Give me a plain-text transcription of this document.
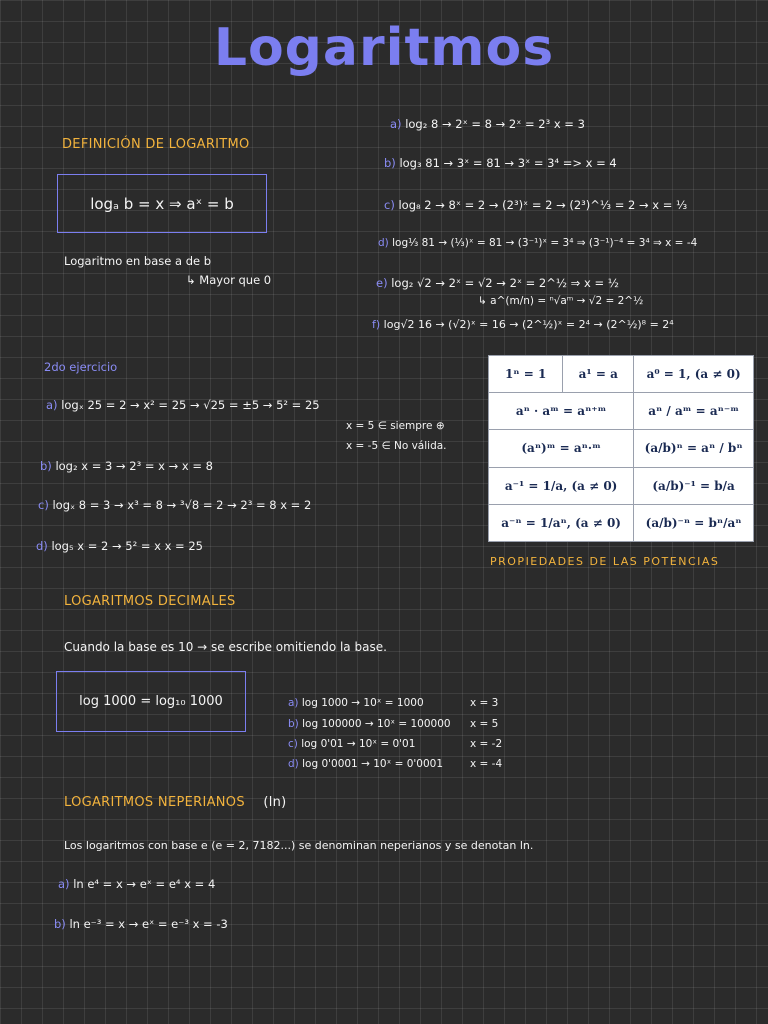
Logaritmos
DEFINICIÓN DE LOGARITMO
logₐ b = x ⇒ aˣ = b
Logaritmo en base a de b
↳ Mayor que 0
a) log₂ 8 → 2ˣ = 8 → 2ˣ = 2³ x = 3
b) log₃ 81 → 3ˣ = 81 → 3ˣ = 3⁴ => x = 4
c) log₈ 2 → 8ˣ = 2 → (2³)ˣ = 2 → (2³)^⅓ = 2 → x = ⅓
d) log⅓ 81 → (⅓)ˣ = 81 → (3⁻¹)ˣ = 3⁴ ⇒ (3⁻¹)⁻⁴ = 3⁴ ⇒ x = -4
e) log₂ √2 → 2ˣ = √2 → 2ˣ = 2^½ ⇒ x = ½
↳ a^(m/n) = ⁿ√aᵐ → √2 = 2^½
f) log√2 16 → (√2)ˣ = 16 → (2^½)ˣ = 2⁴ → (2^½)⁸ = 2⁴
2do ejercicio
a) logₓ 25 = 2 → x² = 25 → √25 = ±5 → 5² = 25
x = 5 ∈ siempre ⊕
x = -5 ∈ No válida.
b) log₂ x = 3 → 2³ = x → x = 8
c) logₓ 8 = 3 → x³ = 8 → ³√8 = 2 → 2³ = 8 x = 2
d) log₅ x = 2 → 5² = x x = 25
1ⁿ = 1	a¹ = a	a⁰ = 1, (a ≠ 0)
aⁿ · aᵐ = aⁿ⁺ᵐ		aⁿ / aᵐ = aⁿ⁻ᵐ
(aⁿ)ᵐ = aⁿ·ᵐ		(a/b)ⁿ = aⁿ / bⁿ
a⁻¹ = 1/a, (a ≠ 0)		(a/b)⁻¹ = b/a
a⁻ⁿ = 1/aⁿ, (a ≠ 0)		(a/b)⁻ⁿ = bⁿ/aⁿ
PROPIEDADES DE LAS POTENCIAS
LOGARITMOS DECIMALES
Cuando la base es 10 → se escribe omitiendo la base.
log 1000 = log₁₀ 1000	a) log 1000 → 10ˣ = 1000	x = 3
b) log 100000 → 10ˣ = 100000 x = 5
c) log 0'01 → 10ˣ = 0'01	x = -2
d) log 0'0001 → 10ˣ = 0'0001	x = -4
LOGARITMOS NEPERIANOS (ln)
Los logaritmos con base e (e = 2, 7182...) se denominan neperianos y se denotan ln.
a) ln e⁴ = x → eˣ = e⁴ x = 4
b) ln e⁻³ = x → eˣ = e⁻³ x = -3
